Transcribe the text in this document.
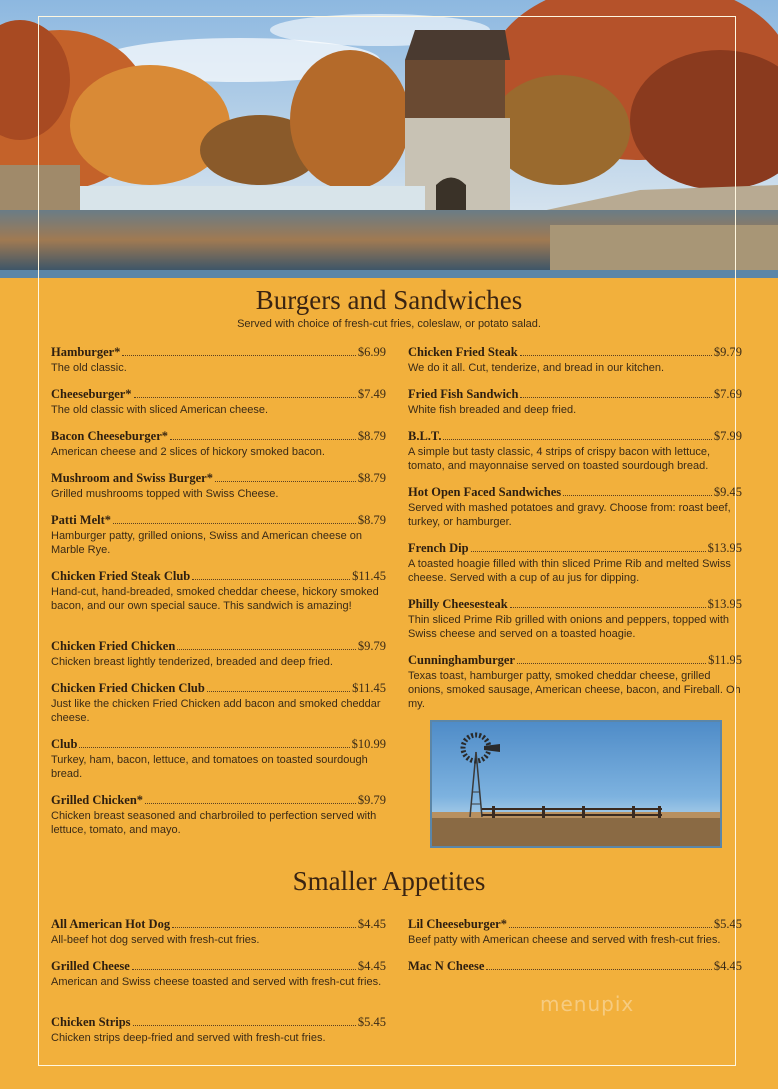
Burgers and Sandwiches
Served with choice of fresh-cut fries, coleslaw, or potato salad.
Hamburger*	$6.99
The old classic.
Cheeseburger*	$7.49
The old classic with sliced American cheese.
Bacon Cheeseburger*	$8.79
American cheese and 2 slices of hickory smoked bacon.
Mushroom and Swiss Burger*	$8.79
Grilled mushrooms topped with Swiss Cheese.
Patti Melt*	$8.79
Hamburger patty, grilled onions, Swiss and American cheese on Marble Rye.
Chicken Fried Steak Club	$11.45
Hand-cut, hand-breaded, smoked cheddar cheese, hickory smoked bacon, and our own special sauce. This sandwich is amazing!
Chicken Fried Chicken	$9.79
Chicken breast lightly tenderized, breaded and deep fried.
Chicken Fried Chicken Club	$11.45
Just like the chicken Fried Chicken add bacon and smoked cheddar cheese.
Club	$10.99
Turkey, ham, bacon, lettuce, and tomatoes on toasted sourdough bread.
Grilled Chicken*	$9.79
Chicken breast seasoned and charbroiled to perfection served with lettuce, tomato, and mayo.
Chicken Fried Steak	$9.79
We do it all. Cut, tenderize, and bread in our kitchen.
Fried Fish Sandwich	$7.69
White fish breaded and deep fried.
B.L.T.	$7.99
A simple but tasty classic, 4 strips of crispy bacon with lettuce, tomato, and mayonnaise served on toasted sourdough bread.
Hot Open Faced Sandwiches	$9.45
Served with mashed potatoes and gravy. Choose from: roast beef, turkey, or hamburger.
French Dip	$13.95
A toasted hoagie filled with thin sliced Prime Rib and melted Swiss cheese. Served with a cup of au jus for dipping.
Philly Cheesesteak	$13.95
Thin sliced Prime Rib grilled with onions and peppers, topped with Swiss cheese and served on a toasted hoagie.
Cunninghamburger	$11.95
Texas toast, hamburger patty, smoked cheddar cheese, grilled onions, smoked sausage, American cheese, bacon, and Fireball. Oh my.
Smaller Appetites
All American Hot Dog	$4.45
All-beef hot dog served with fresh-cut fries.
Grilled Cheese	$4.45
American and Swiss cheese toasted and served with fresh-cut fries.
Chicken Strips	$5.45
Chicken strips deep-fried and served with fresh-cut fries.
Lil Cheeseburger*	$5.45
Beef patty with American cheese and served with fresh-cut fries.
Mac N Cheese	$4.45
menupix
